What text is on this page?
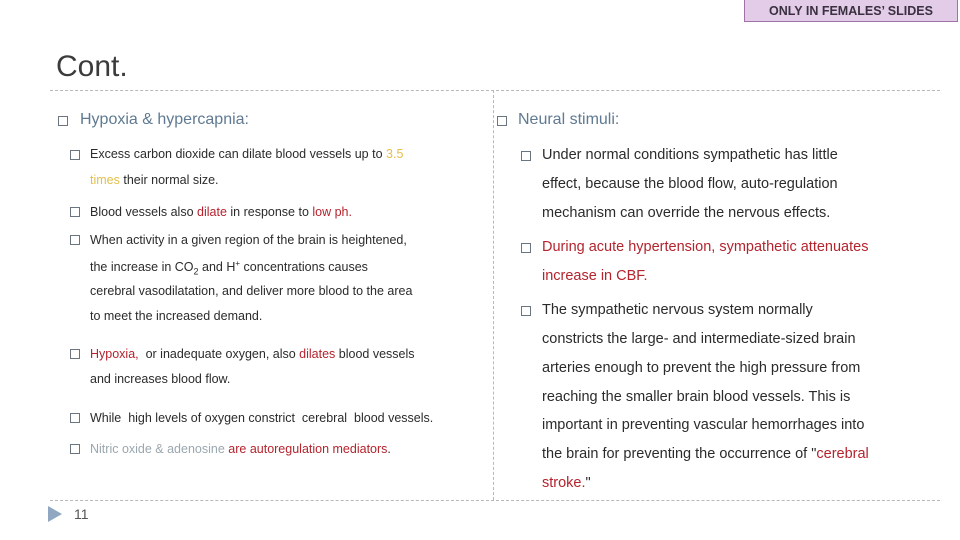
ONLY IN FEMALES’ SLIDES
Cont.
Hypoxia & hypercapnia:
Excess carbon dioxide can dilate blood vessels up to 3.5
times their normal size.
Blood vessels also dilate in response to low ph.
When activity in a given region of the brain is heightened,
the increase in $CO_2$ and H+ concentrations causes
cerebral vasodilatation, and deliver more blood to the area
to meet the increased demand.
Hypoxia,  or inadequate oxygen, also dilates blood vessels
and increases blood flow.
While  high levels of oxygen constrict  cerebral  blood vessels.
Nitric oxide & adenosine are autoregulation mediators.
Neural stimuli:
Under normal conditions sympathetic has little
effect, because the blood flow, auto-regulation
mechanism can override the nervous effects.
During acute hypertension, sympathetic attenuates
increase in CBF.
The sympathetic nervous system normally
constricts the large- and intermediate-sized brain
arteries enough to prevent the high pressure from
reaching the smaller brain blood vessels. This is
important in preventing vascular hemorrhages into
the brain for preventing the occurrence of "cerebral
stroke."
11
